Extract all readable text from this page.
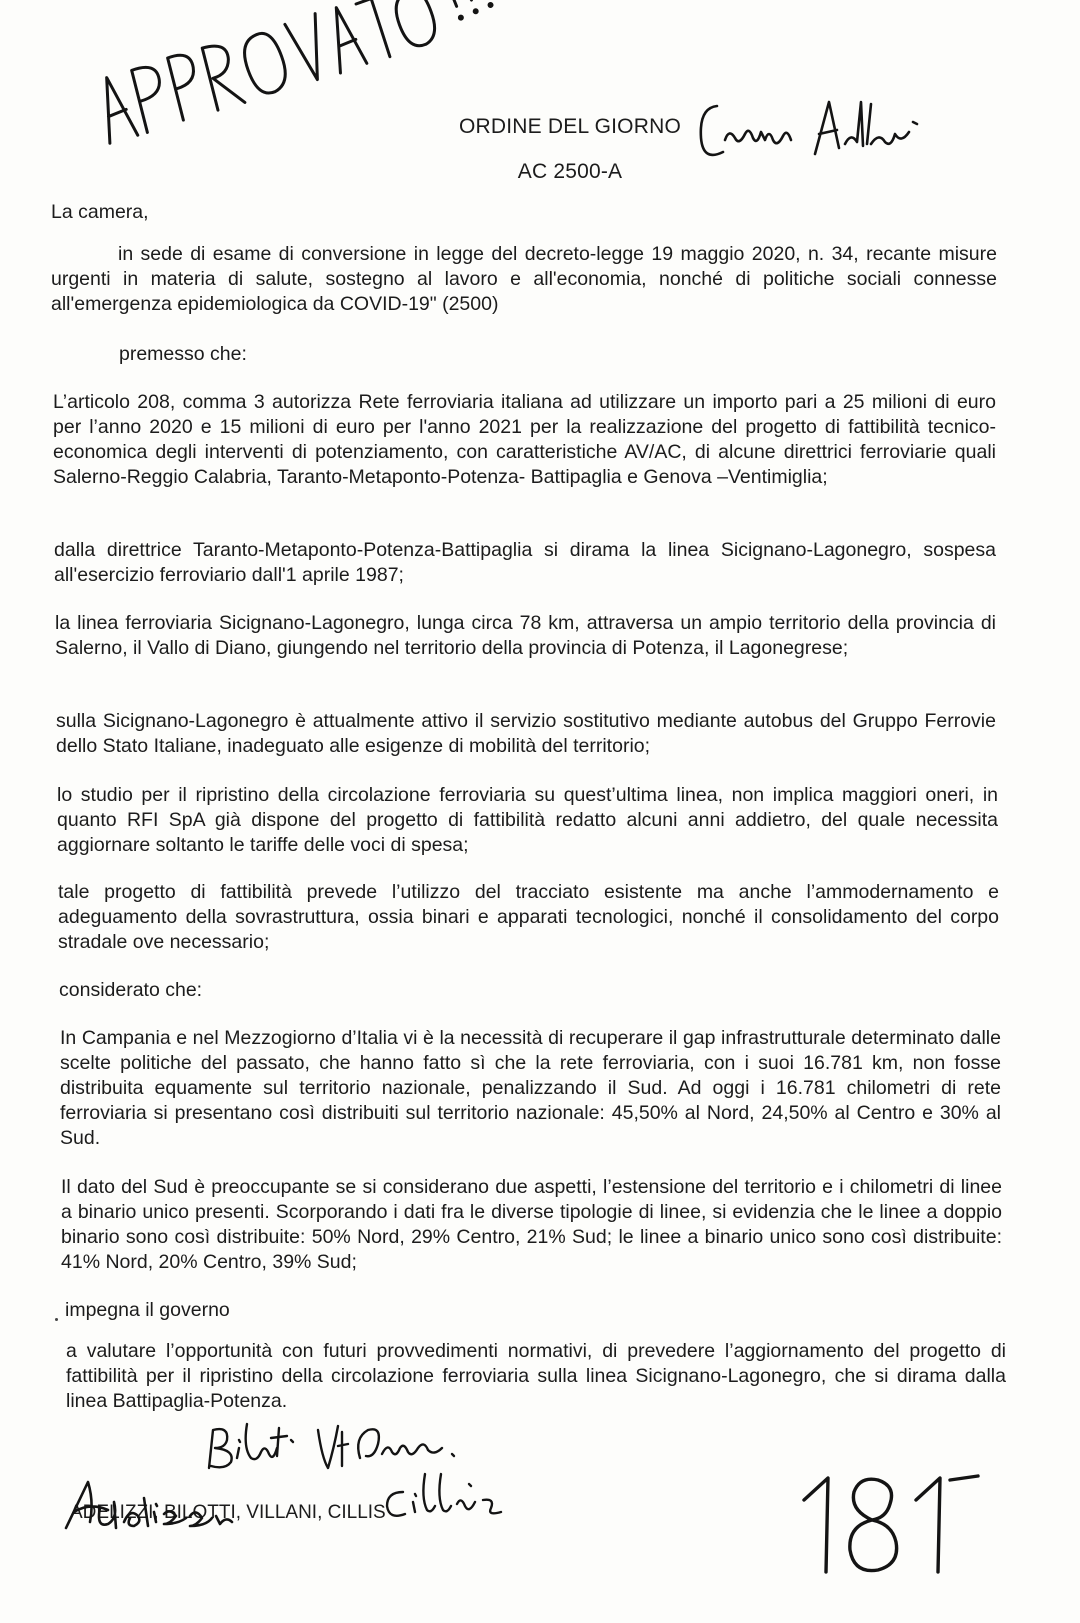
ORDINE DEL GIORNO
AC 2500-A
La camera,
in sede di esame di conversione in legge del decreto-legge 19 maggio 2020, n. 34, recante misure urgenti in materia di salute, sostegno al lavoro e all'economia, nonché di politiche sociali connesse all'emergenza epidemiologica da COVID-19" (2500)
premesso che:
L’articolo 208, comma 3 autorizza Rete ferroviaria italiana ad utilizzare un importo pari a 25 milioni di euro per l’anno 2020 e 15 milioni di euro per l'anno 2021 per la realizzazione del progetto di fattibilità tecnico-economica degli interventi di potenziamento, con caratteristiche AV/AC, di alcune direttrici ferroviarie quali Salerno-Reggio Calabria, Taranto-Metaponto-Potenza- Battipaglia e Genova –Ventimiglia;
dalla direttrice Taranto-Metaponto-Potenza-Battipaglia si dirama la linea Sicignano-Lagonegro, sospesa all'esercizio ferroviario dall'1 aprile 1987;
la linea ferroviaria Sicignano-Lagonegro, lunga circa 78 km, attraversa un ampio territorio della provincia di Salerno, il Vallo di Diano, giungendo nel territorio della provincia di Potenza, il Lagonegrese;
sulla Sicignano-Lagonegro è attualmente attivo il servizio sostitutivo mediante autobus del Gruppo Ferrovie dello Stato Italiane, inadeguato alle esigenze di mobilità del territorio;
lo studio per il ripristino della circolazione ferroviaria su quest’ultima linea, non implica maggiori oneri, in quanto RFI SpA già dispone del progetto di fattibilità redatto alcuni anni addietro, del quale necessita aggiornare soltanto le tariffe delle voci di spesa;
tale progetto di fattibilità prevede l’utilizzo del tracciato esistente ma anche l’ammodernamento e adeguamento della sovrastruttura, ossia binari e apparati tecnologici, nonché il consolidamento del corpo stradale ove necessario;
considerato che:
In Campania e nel Mezzogiorno d’Italia vi è la necessità di recuperare il gap infrastrutturale determinato dalle scelte politiche del passato, che hanno fatto sì che la rete ferroviaria, con i suoi 16.781 km, non fosse distribuita equamente sul territorio nazionale, penalizzando il Sud. Ad oggi i 16.781 chilometri di rete ferroviaria si presentano così distribuiti sul territorio nazionale: 45,50% al Nord, 24,50% al Centro e 30% al Sud.
Il dato del Sud è preoccupante se si considerano due aspetti, l’estensione del territorio e i chilometri di linee a binario unico presenti. Scorporando i dati fra le diverse tipologie di linee, si evidenzia che le linee a doppio binario sono così distribuite: 50% Nord, 29% Centro, 21% Sud; le linee a binario unico sono così distribuite: 41% Nord, 20% Centro, 39% Sud;
impegna il governo
a valutare l’opportunità con futuri provvedimenti normativi, di prevedere l’aggiornamento del progetto di fattibilità per il ripristino della circolazione ferroviaria sulla linea Sicignano-Lagonegro, che si dirama dalla linea Battipaglia-Potenza.
ADELIZZI, BILOTTI, VILLANI, CILLIS
